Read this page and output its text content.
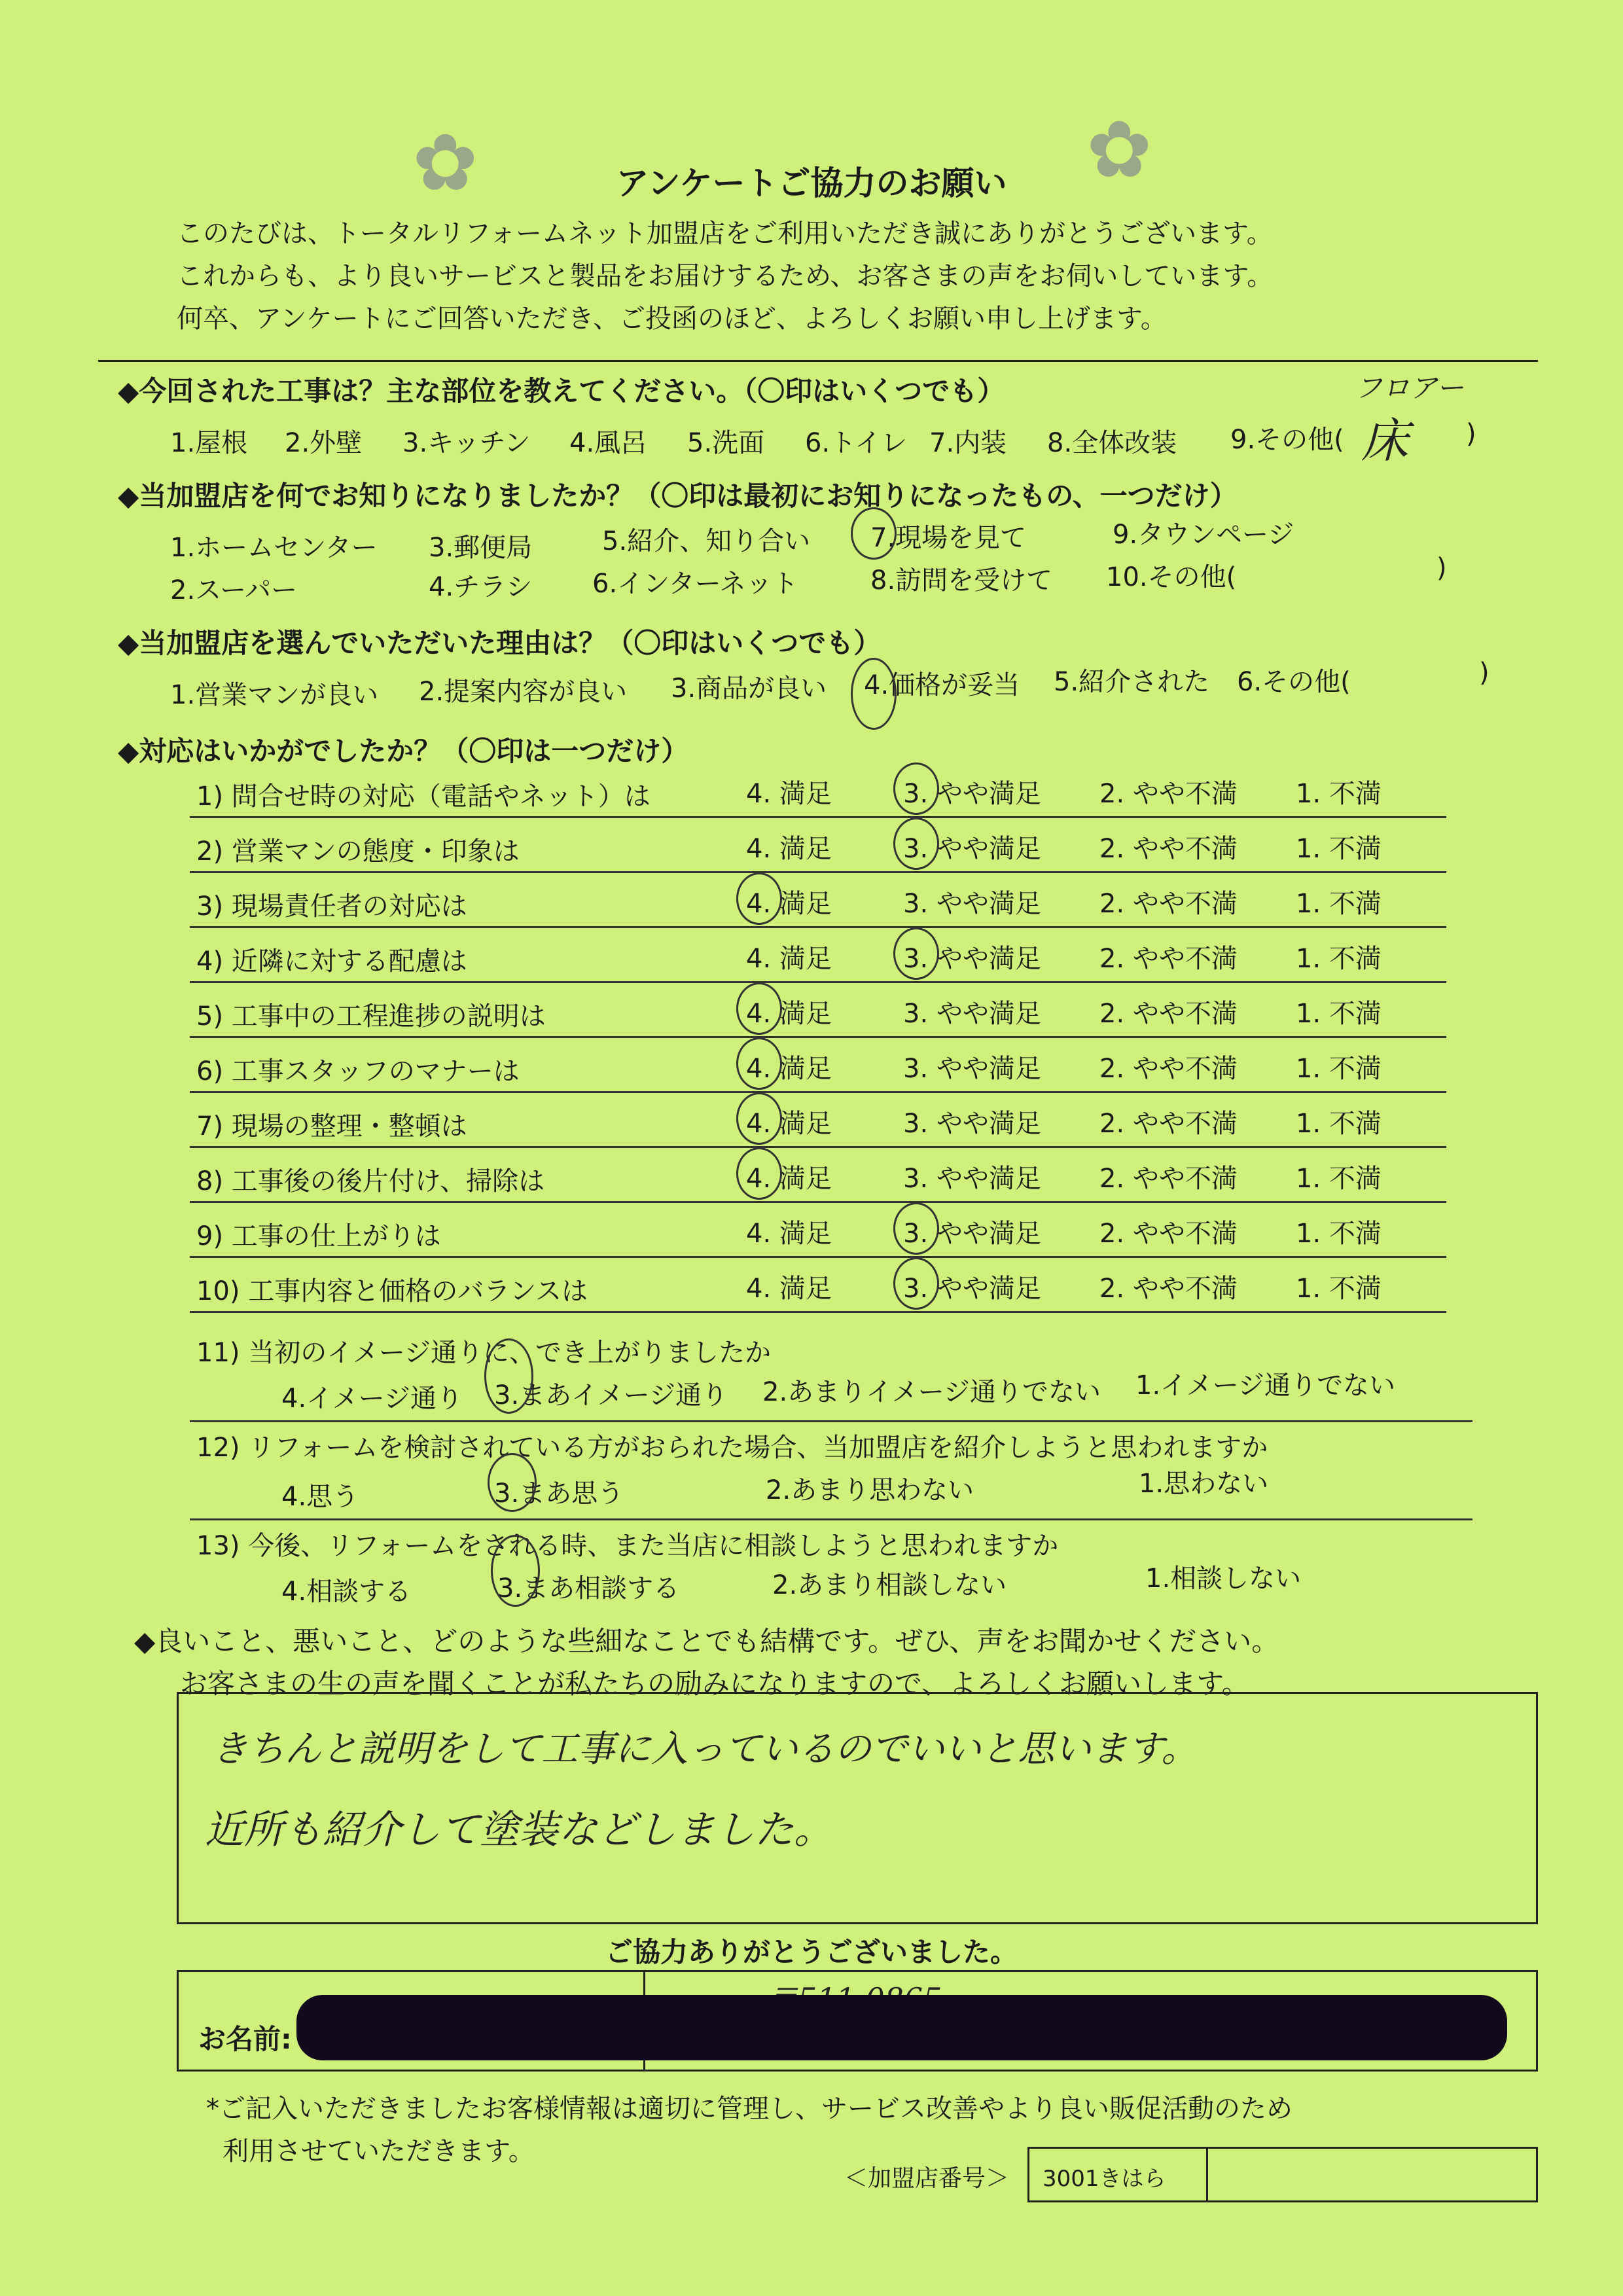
✿	✿
アンケートご協力のお願い
このたびは、トータルリフォームネット加盟店をご利用いただき誠にありがとうございます。
これからも、より良いサービスと製品をお届けするため、お客さまの声をお伺いしています。
何卒、アンケートにご回答いただき、ご投函のほど、よろしくお願い申し上げます。
◆今回された工事は？主な部位を教えてください。（〇印はいくつでも）
1.屋根 2.外壁 3.キッチン 4.風呂 5.洗面 6.トイレ 7.内装 8.全体改装 9.その他(	)
フロアー
床
◆当加盟店を何でお知りになりましたか？（〇印は最初にお知りになったもの、一つだけ）
1.ホームセンター 3.郵便局	5.紹介、知り合い 7.現場を見て	9.タウンページ
2.スーパー	4.チラシ 6.インターネット	8.訪問を受けて 10.その他(	)
◆当加盟店を選んでいただいた理由は？（〇印はいくつでも）
1.営業マンが良い 2.提案内容が良い 3.商品が良い 4.価格が妥当 5.紹介された 6.その他(	)
◆対応はいかがでしたか？（〇印は一つだけ）
1) 問合せ時の対応（電話やネット）は	4. 満足	3. やや満足 2. やや不満 1. 不満
2) 営業マンの態度・印象は	4. 満足	3. やや満足 2. やや不満 1. 不満
3) 現場責任者の対応は	4. 満足	3. やや満足 2. やや不満 1. 不満
4) 近隣に対する配慮は	4. 満足	3. やや満足 2. やや不満 1. 不満
5) 工事中の工程進捗の説明は	4. 満足	3. やや満足 2. やや不満 1. 不満
6) 工事スタッフのマナーは	4. 満足	3. やや満足 2. やや不満 1. 不満
7) 現場の整理・整頓は	4. 満足	3. やや満足 2. やや不満 1. 不満
8) 工事後の後片付け、掃除は	4. 満足	3. やや満足 2. やや不満 1. 不満
9) 工事の仕上がりは	4. 満足	3. やや満足 2. やや不満 1. 不満
10) 工事内容と価格のバランスは	4. 満足	3. やや満足 2. やや不満 1. 不満
11) 当初のイメージ通りに、でき上がりましたか
4.イメージ通り 3.まあイメージ通り 2.あまりイメージ通りでない 1.イメージ通りでない
12) リフォームを検討されている方がおられた場合、当加盟店を紹介しようと思われますか
4.思う	3.まあ思う	2.あまり思わない	1.思わない
13) 今後、リフォームをされる時、また当店に相談しようと思われますか
4.相談する	3.まあ相談する	2.あまり相談しない	1.相談しない
◆良いこと、悪いこと、どのような些細なことでも結構です。ぜひ、声をお聞かせください。
お客さまの生の声を聞くことが私たちの励みになりますので、よろしくお願いします。
きちんと説明をして工事に入っているのでいいと思います。
近所も紹介して塗装などしました。
ご協力ありがとうございました。
お名前:
*ご記入いただきましたお客様情報は適切に管理し、サービス改善やより良い販促活動のため
利用させていただきます。
＜加盟店番号＞ 3001きはら
